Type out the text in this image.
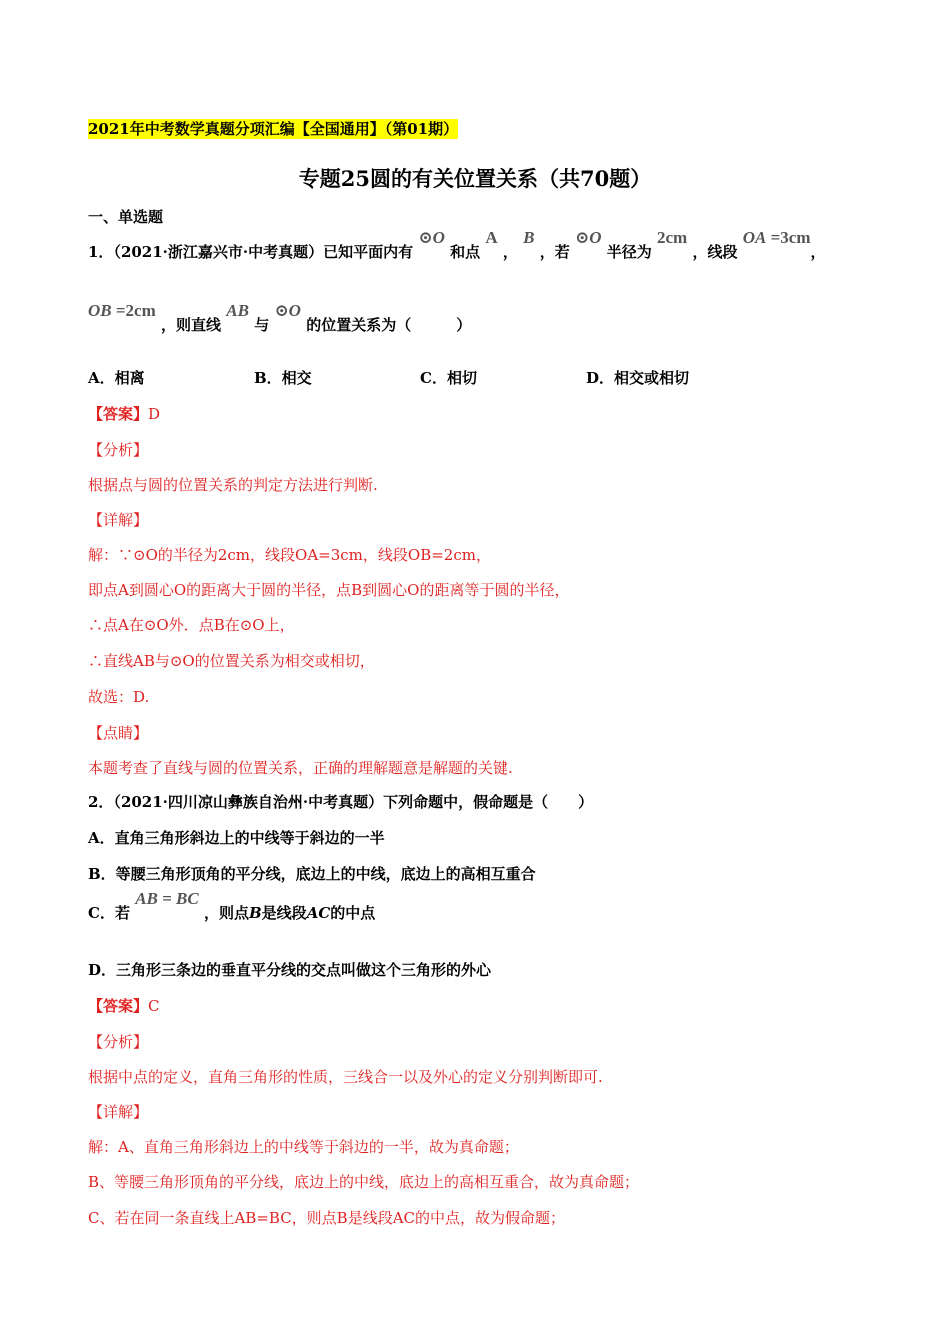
2021年中考数学真题分项汇编【全国通用】（第01期）
专题25圆的有关位置关系（共70题）
一、单选题
1．（2021·浙江嘉兴市·中考真题）已知平面内有 ⊙O 和点 A ， B ，若 ⊙O 半径为 2cm ，线段 OA =3cm，
OB =2cm ，则直线 AB 与 ⊙O 的位置关系为（　　　）
A．相离	B．相交	C．相切	D．相交或相切
【答案】D
【分析】
根据点与圆的位置关系的判定方法进行判断.
【详解】
解：∵⊙O的半径为2cm，线段OA=3cm，线段OB=2cm，
即点A到圆心O的距离大于圆的半径，点B到圆心O的距离等于圆的半径，
∴点A在⊙O外．点B在⊙O上，
∴直线AB与⊙O的位置关系为相交或相切，
故选：D.
【点睛】
本题考查了直线与圆的位置关系，正确的理解题意是解题的关键.
2．（2021·四川凉山彝族自治州·中考真题）下列命题中，假命题是（　　）
A．直角三角形斜边上的中线等于斜边的一半
B．等腰三角形顶角的平分线，底边上的中线，底边上的高相互重合
C．若 AB = BC ，则点B是线段AC的中点
D．三角形三条边的垂直平分线的交点叫做这个三角形的外心
【答案】C
【分析】
根据中点的定义，直角三角形的性质，三线合一以及外心的定义分别判断即可.
【详解】
解：A、直角三角形斜边上的中线等于斜边的一半，故为真命题；
B、等腰三角形顶角的平分线，底边上的中线，底边上的高相互重合，故为真命题；
C、若在同一条直线上AB=BC，则点B是线段AC的中点，故为假命题；
